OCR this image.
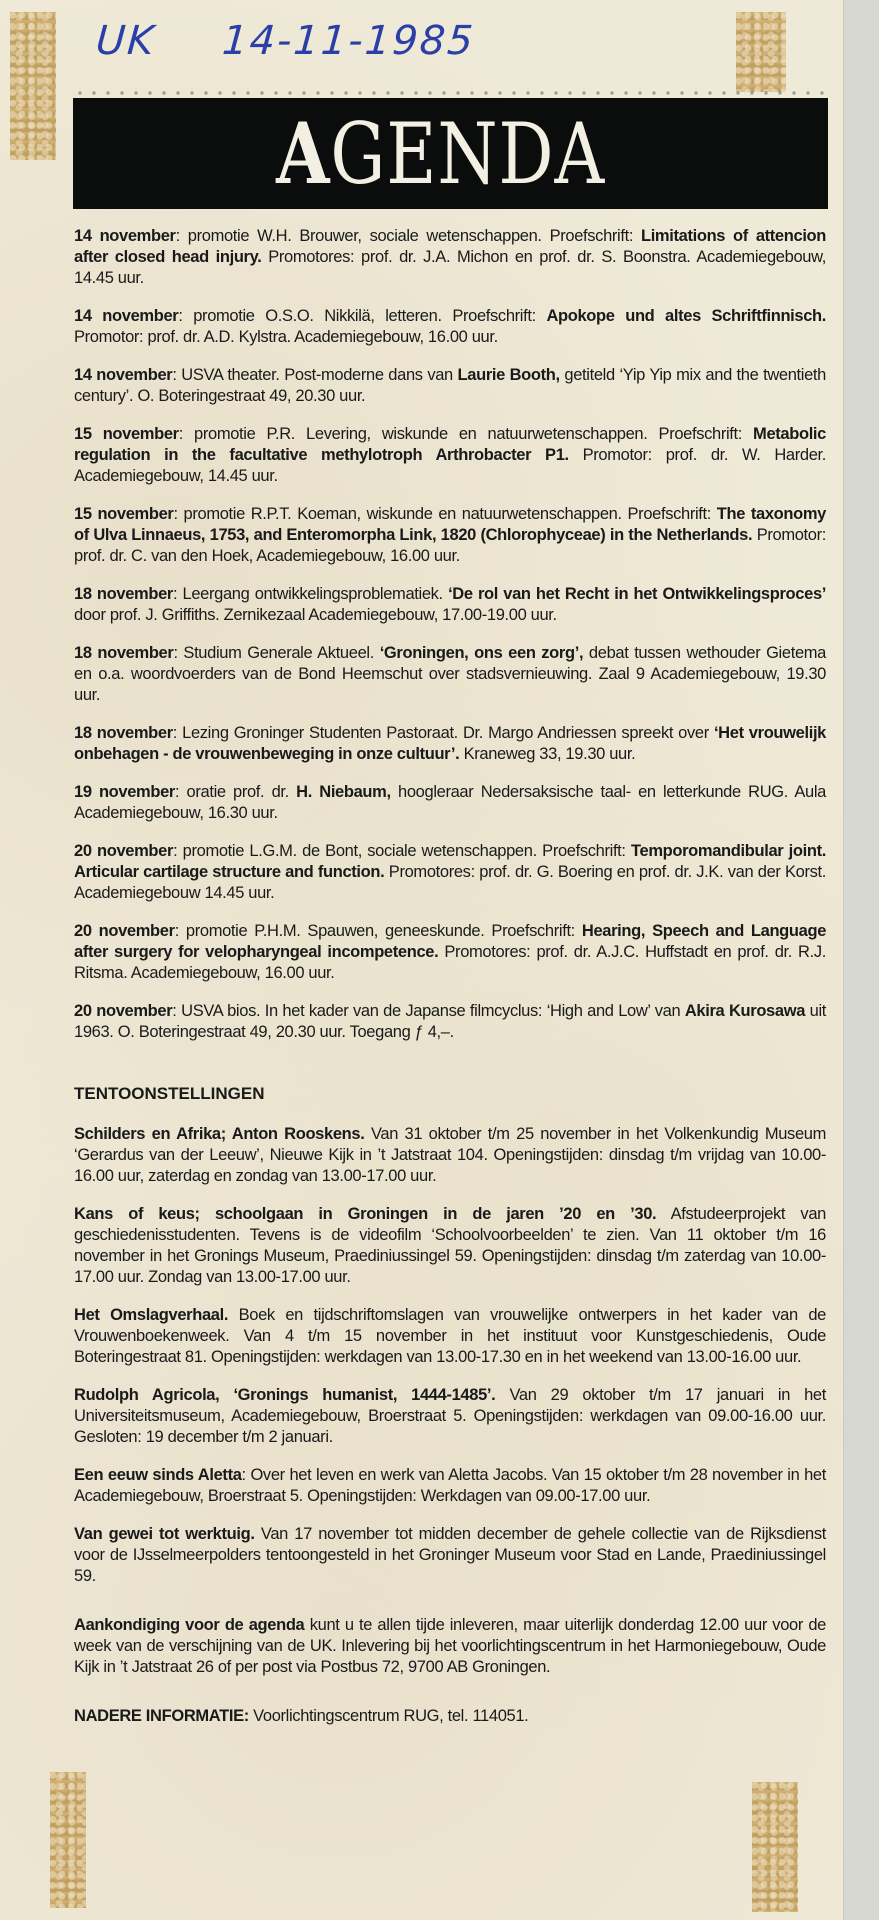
UK 14-11-1985
AGENDA
14 november: promotie W.H. Brouwer, sociale wetenschappen. Proefschrift: Limitations of attencion after closed head injury. Promotores: prof. dr. J.A. Michon en prof. dr. S. Boonstra. Academiegebouw, 14.45 uur.
14 november: promotie O.S.O. Nikkilä, letteren. Proefschrift: Apokope und altes Schriftfinnisch. Promotor: prof. dr. A.D. Kylstra. Academiegebouw, 16.00 uur.
14 november: USVA theater. Post-moderne dans van Laurie Booth, getiteld ‘Yip Yip mix and the twentieth century’. O. Boteringestraat 49, 20.30 uur.
15 november: promotie P.R. Levering, wiskunde en natuurwetenschappen. Proefschrift: Metabolic regulation in the facultative methylotroph Arthrobacter P1. Promotor: prof. dr. W. Harder. Academiegebouw, 14.45 uur.
15 november: promotie R.P.T. Koeman, wiskunde en natuurwetenschappen. Proefschrift: The taxonomy of Ulva Linnaeus, 1753, and Enteromorpha Link, 1820 (Chlorophyceae) in the Netherlands. Promotor: prof. dr. C. van den Hoek, Academiegebouw, 16.00 uur.
18 november: Leergang ontwikkelingsproblematiek. ‘De rol van het Recht in het Ontwikkelingsproces’ door prof. J. Griffiths. Zernikezaal Academiegebouw, 17.00-19.00 uur.
18 november: Studium Generale Aktueel. ‘Groningen, ons een zorg’, debat tussen wethouder Gietema en o.a. woordvoerders van de Bond Heemschut over stadsvernieuwing. Zaal 9 Academiegebouw, 19.30 uur.
18 november: Lezing Groninger Studenten Pastoraat. Dr. Margo Andriessen spreekt over ‘Het vrouwelijk onbehagen - de vrouwenbeweging in onze cultuur’. Kraneweg 33, 19.30 uur.
19 november: oratie prof. dr. H. Niebaum, hoogleraar Nedersaksische taal- en letterkunde RUG. Aula Academiegebouw, 16.30 uur.
20 november: promotie L.G.M. de Bont, sociale wetenschappen. Proefschrift: Temporomandibular joint. Articular cartilage structure and function. Promotores: prof. dr. G. Boering en prof. dr. J.K. van der Korst. Academiegebouw 14.45 uur.
20 november: promotie P.H.M. Spauwen, geneeskunde. Proefschrift: Hearing, Speech and Language after surgery for velopharyngeal incompetence. Promotores: prof. dr. A.J.C. Huffstadt en prof. dr. R.J. Ritsma. Academiegebouw, 16.00 uur.
20 november: USVA bios. In het kader van de Japanse filmcyclus: ‘High and Low’ van Akira Kurosawa uit 1963. O. Boteringestraat 49, 20.30 uur. Toegang ƒ 4,–.
TENTOONSTELLINGEN
Schilders en Afrika; Anton Rooskens. Van 31 oktober t/m 25 november in het Volkenkundig Museum ‘Gerardus van der Leeuw’, Nieuwe Kijk in ’t Jatstraat 104. Openingstijden: dinsdag t/m vrijdag van 10.00-16.00 uur, zaterdag en zondag van 13.00-17.00 uur.
Kans of keus; schoolgaan in Groningen in de jaren ’20 en ’30. Afstudeerprojekt van geschiedenisstudenten. Tevens is de videofilm ‘Schoolvoorbeelden’ te zien. Van 11 oktober t/m 16 november in het Gronings Museum, Praediniussingel 59. Openingstijden: dinsdag t/m zaterdag van 10.00-17.00 uur. Zondag van 13.00-17.00 uur.
Het Omslagverhaal. Boek en tijdschriftomslagen van vrouwelijke ontwerpers in het kader van de Vrouwenboekenweek. Van 4 t/m 15 november in het instituut voor Kunstgeschiedenis, Oude Boteringestraat 81. Openingstijden: werkdagen van 13.00-17.30 en in het weekend van 13.00-16.00 uur.
Rudolph Agricola, ‘Gronings humanist, 1444-1485’. Van 29 oktober t/m 17 januari in het Universiteitsmuseum, Academiegebouw, Broerstraat 5. Openingstijden: werkdagen van 09.00-16.00 uur. Gesloten: 19 december t/m 2 januari.
Een eeuw sinds Aletta: Over het leven en werk van Aletta Jacobs. Van 15 oktober t/m 28 november in het Academiegebouw, Broerstraat 5. Openingstijden: Werkdagen van 09.00-17.00 uur.
Van gewei tot werktuig. Van 17 november tot midden december de gehele collectie van de Rijksdienst voor de IJsselmeerpolders tentoongesteld in het Groninger Museum voor Stad en Lande, Praediniussingel 59.
Aankondiging voor de agenda kunt u te allen tijde inleveren, maar uiterlijk donderdag 12.00 uur voor de week van de verschijning van de UK. Inlevering bij het voorlichtingscentrum in het Harmoniegebouw, Oude Kijk in ’t Jatstraat 26 of per post via Postbus 72, 9700 AB Groningen.
NADERE INFORMATIE: Voorlichtingscentrum RUG, tel. 114051.
